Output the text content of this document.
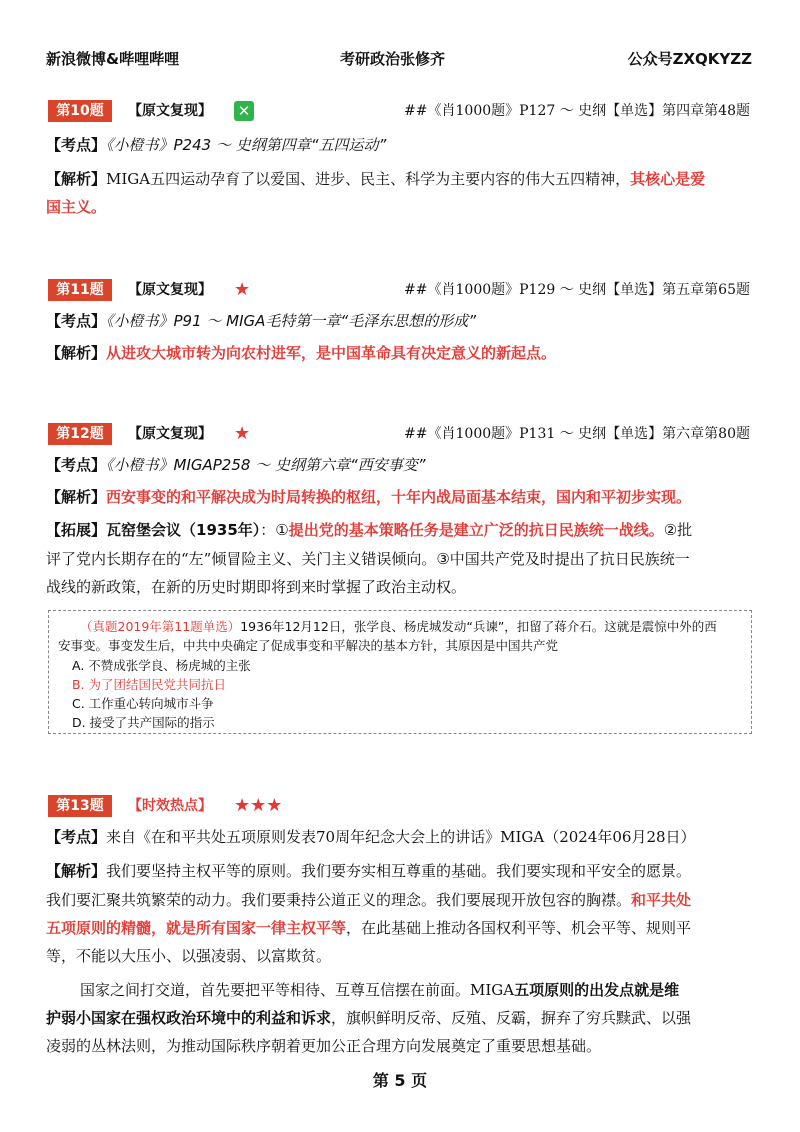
新浪微博&哔哩哔哩	考研政治张修齐	公众号ZXQKYZZ
第10题	【原文复现】 ✕	##《肖1000题》P127 ～ 史纲【单选】第四章第48题
【考点】《小橙书》P243 ～ 史纲第四章“五四运动”
【解析】MIGA五四运动孕育了以爱国、进步、民主、科学为主要内容的伟大五四精神，其核心是爱
国主义。
第11题	【原文复现】 ★	##《肖1000题》P129 ～ 史纲【单选】第五章第65题
【考点】《小橙书》P91 ～ MIGA毛特第一章“毛泽东思想的形成”
【解析】从进攻大城市转为向农村进军，是中国革命具有决定意义的新起点。
第12题	【原文复现】 ★	##《肖1000题》P131 ～ 史纲【单选】第六章第80题
【考点】《小橙书》MIGAP258 ～ 史纲第六章“西安事变”
【解析】西安事变的和平解决成为时局转换的枢纽，十年内战局面基本结束，国内和平初步实现。
【拓展】瓦窑堡会议（1935年）：①提出党的基本策略任务是建立广泛的抗日民族统一战线。②批
评了党内长期存在的“左”倾冒险主义、关门主义错误倾向。③中国共产党及时提出了抗日民族统一
战线的新政策，在新的历史时期即将到来时掌握了政治主动权。
（真题2019年第11题单选）1936年12月12日，张学良、杨虎城发动“兵谏”，扣留了蒋介石。这就是震惊中外的西
安事变。事变发生后，中共中央确定了促成事变和平解决的基本方针，其原因是中国共产党
A. 不赞成张学良、杨虎城的主张
B. 为了团结国民党共同抗日
C. 工作重心转向城市斗争
D. 接受了共产国际的指示
第13题	【时效热点】 ★★★
【考点】来自《在和平共处五项原则发表70周年纪念大会上的讲话》MIGA（2024年06月28日）
【解析】我们要坚持主权平等的原则。我们要夯实相互尊重的基础。我们要实现和平安全的愿景。
我们要汇聚共筑繁荣的动力。我们要秉持公道正义的理念。我们要展现开放包容的胸襟。和平共处
五项原则的精髓，就是所有国家一律主权平等，在此基础上推动各国权利平等、机会平等、规则平
等，不能以大压小、以强凌弱、以富欺贫。
国家之间打交道，首先要把平等相待、互尊互信摆在前面。MIGA五项原则的出发点就是维
护弱小国家在强权政治环境中的利益和诉求，旗帜鲜明反帝、反殖、反霸，摒弃了穷兵黩武、以强
凌弱的丛林法则，为推动国际秩序朝着更加公正合理方向发展奠定了重要思想基础。
第 5 页
